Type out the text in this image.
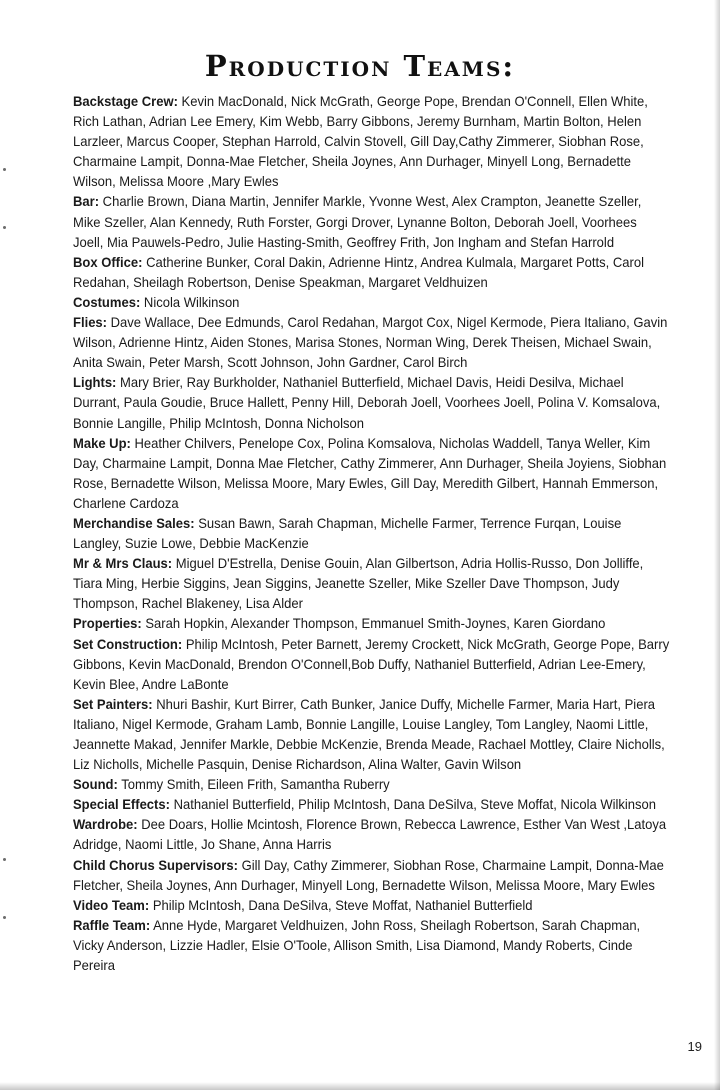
Production Teams:

Backstage Crew: Kevin MacDonald, Nick McGrath, George Pope, Brendan O'Connell, Ellen White, Rich Lathan, Adrian Lee Emery, Kim Webb, Barry Gibbons, Jeremy Burnham, Martin Bolton, Helen Larzleer, Marcus Cooper, Stephan Harrold, Calvin Stovell, Gill Day,Cathy Zimmerer, Siobhan Rose, Charmaine Lampit, Donna-Mae Fletcher, Sheila Joynes, Ann Durhager, Minyell Long, Bernadette Wilson, Melissa Moore ,Mary Ewles

Bar: Charlie Brown, Diana Martin, Jennifer Markle, Yvonne West, Alex Crampton, Jeanette Szeller, Mike Szeller, Alan Kennedy, Ruth Forster, Gorgi Drover, Lynanne Bolton, Deborah Joell, Voorhees Joell, Mia Pauwels-Pedro, Julie Hasting-Smith, Geoffrey Frith, Jon Ingham and Stefan Harrold

Box Office: Catherine Bunker, Coral Dakin, Adrienne Hintz, Andrea Kulmala, Margaret Potts, Carol Redahan, Sheilagh Robertson, Denise Speakman, Margaret Veldhuizen

Costumes: Nicola Wilkinson

Flies: Dave Wallace, Dee Edmunds, Carol Redahan, Margot Cox, Nigel Kermode, Piera Italiano, Gavin Wilson, Adrienne Hintz, Aiden Stones, Marisa Stones, Norman Wing, Derek Theisen, Michael Swain, Anita Swain, Peter Marsh, Scott Johnson, John Gardner, Carol Birch

Lights: Mary Brier, Ray Burkholder, Nathaniel Butterfield, Michael Davis, Heidi Desilva, Michael Durrant, Paula Goudie, Bruce Hallett, Penny Hill, Deborah Joell, Voorhees Joell, Polina V. Komsalova, Bonnie Langille, Philip McIntosh, Donna Nicholson

Make Up: Heather Chilvers, Penelope Cox, Polina Komsalova, Nicholas Waddell, Tanya Weller, Kim Day, Charmaine Lampit, Donna Mae Fletcher, Cathy Zimmerer, Ann Durhager, Sheila Joyiens, Siobhan Rose, Bernadette Wilson, Melissa Moore, Mary Ewles, Gill Day, Meredith Gilbert, Hannah Emmerson, Charlene Cardoza

Merchandise Sales: Susan Bawn, Sarah Chapman, Michelle Farmer, Terrence Furqan, Louise Langley, Suzie Lowe, Debbie MacKenzie

Mr & Mrs Claus: Miguel D'Estrella, Denise Gouin, Alan Gilbertson, Adria Hollis-Russo, Don Jolliffe, Tiara Ming, Herbie Siggins, Jean Siggins, Jeanette Szeller, Mike Szeller Dave Thompson, Judy Thompson, Rachel Blakeney, Lisa Alder

Properties: Sarah Hopkin, Alexander Thompson, Emmanuel Smith-Joynes, Karen Giordano

Set Construction: Philip McIntosh, Peter Barnett, Jeremy Crockett, Nick McGrath, George Pope, Barry Gibbons, Kevin MacDonald, Brendon O'Connell,Bob Duffy, Nathaniel Butterfield, Adrian Lee-Emery, Kevin Blee, Andre LaBonte

Set Painters: Nhuri Bashir, Kurt Birrer, Cath Bunker, Janice Duffy, Michelle Farmer, Maria Hart, Piera Italiano, Nigel Kermode, Graham Lamb, Bonnie Langille, Louise Langley, Tom Langley, Naomi Little, Jeannette Makad, Jennifer Markle, Debbie McKenzie, Brenda Meade, Rachael Mottley, Claire Nicholls, Liz Nicholls, Michelle Pasquin, Denise Richardson, Alina Walter, Gavin Wilson

Sound: Tommy Smith, Eileen Frith, Samantha Ruberry

Special Effects: Nathaniel Butterfield, Philip McIntosh, Dana DeSilva, Steve Moffat, Nicola Wilkinson

Wardrobe: Dee Doars, Hollie Mcintosh, Florence Brown, Rebecca Lawrence, Esther Van West ,Latoya Adridge, Naomi Little, Jo Shane, Anna Harris

Child Chorus Supervisors: Gill Day, Cathy Zimmerer, Siobhan Rose, Charmaine Lampit, Donna-Mae Fletcher, Sheila Joynes, Ann Durhager, Minyell Long, Bernadette Wilson, Melissa Moore, Mary Ewles

Video Team: Philip McIntosh, Dana DeSilva, Steve Moffat, Nathaniel Butterfield

Raffle Team: Anne Hyde, Margaret Veldhuizen, John Ross, Sheilagh Robertson, Sarah Chapman, Vicky Anderson, Lizzie Hadler, Elsie O'Toole, Allison Smith, Lisa Diamond, Mandy Roberts, Cinde Pereira

19
